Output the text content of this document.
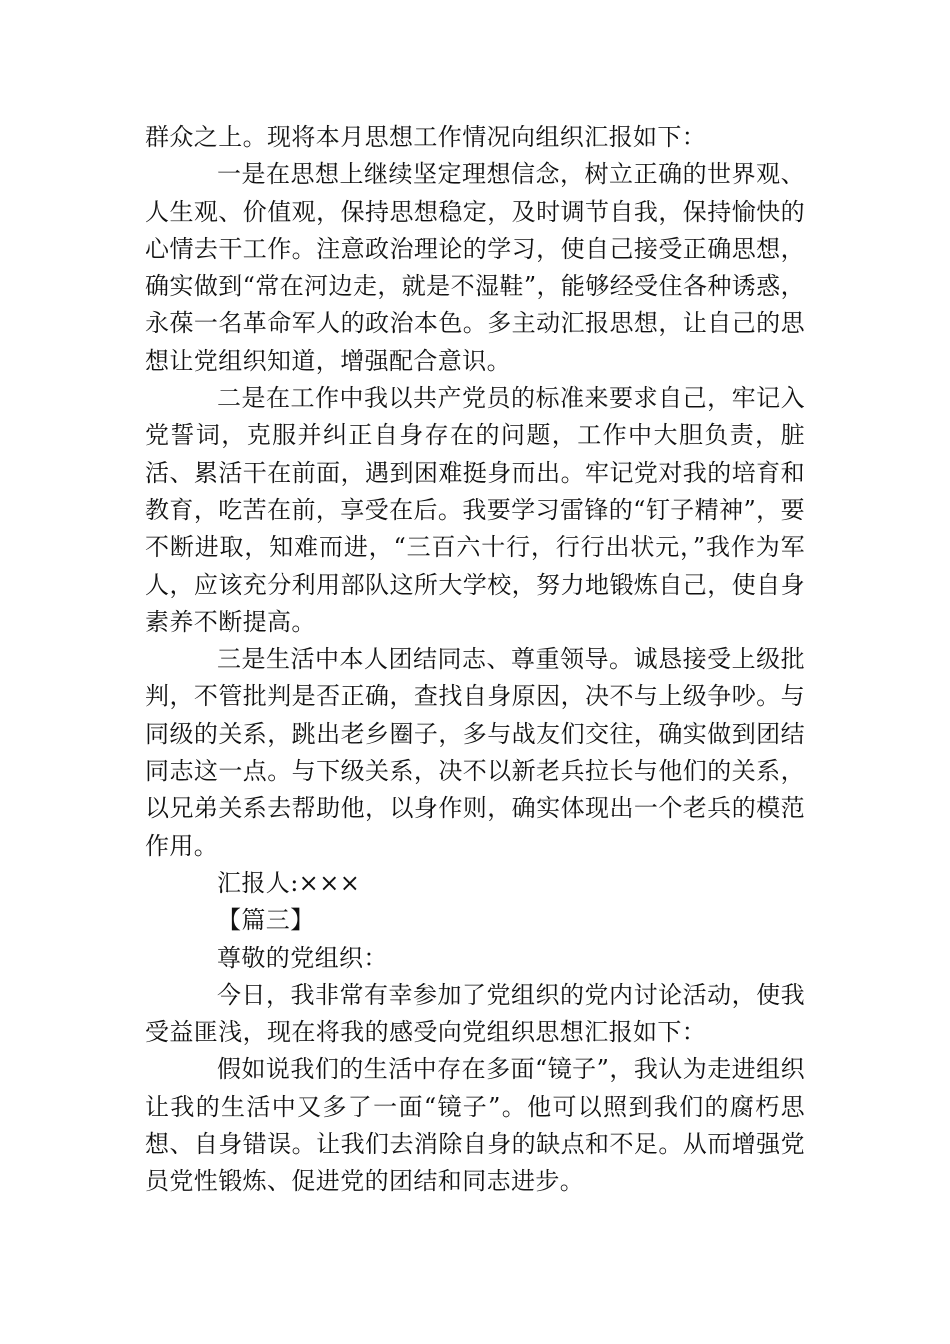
群众之上。现将本月思想工作情况向组织汇报如下：

一是在思想上继续坚定理想信念，树立正确的世界观、人生观、价值观，保持思想稳定，及时调节自我，保持愉快的心情去干工作。注意政治理论的学习，使自己接受正确思想，确实做到“常在河边走，就是不湿鞋”，能够经受住各种诱惑，永葆一名革命军人的政治本色。多主动汇报思想，让自己的思想让党组织知道，增强配合意识。

二是在工作中我以共产党员的标准来要求自己，牢记入党誓词，克服并纠正自身存在的问题，工作中大胆负责，脏活、累活干在前面，遇到困难挺身而出。牢记党对我的培育和教育，吃苦在前，享受在后。我要学习雷锋的“钉子精神”，要不断进取，知难而进，“三百六十行，行行出状元，”我作为军人，应该充分利用部队这所大学校，努力地锻炼自己，使自身素养不断提高。

三是生活中本人团结同志、尊重领导。诚恳接受上级批判，不管批判是否正确，查找自身原因，决不与上级争吵。与同级的关系，跳出老乡圈子，多与战友们交往，确实做到团结同志这一点。与下级关系，决不以新老兵拉长与他们的关系，以兄弟关系去帮助他，以身作则，确实体现出一个老兵的模范作用。

汇报人:×××

【篇三】

尊敬的党组织：

今日，我非常有幸参加了党组织的党内讨论活动，使我受益匪浅，现在将我的感受向党组织思想汇报如下：

假如说我们的生活中存在多面“镜子”，我认为走进组织让我的生活中又多了一面“镜子”。他可以照到我们的腐朽思想、自身错误。让我们去消除自身的缺点和不足。从而增强党员党性锻炼、促进党的团结和同志进步。
